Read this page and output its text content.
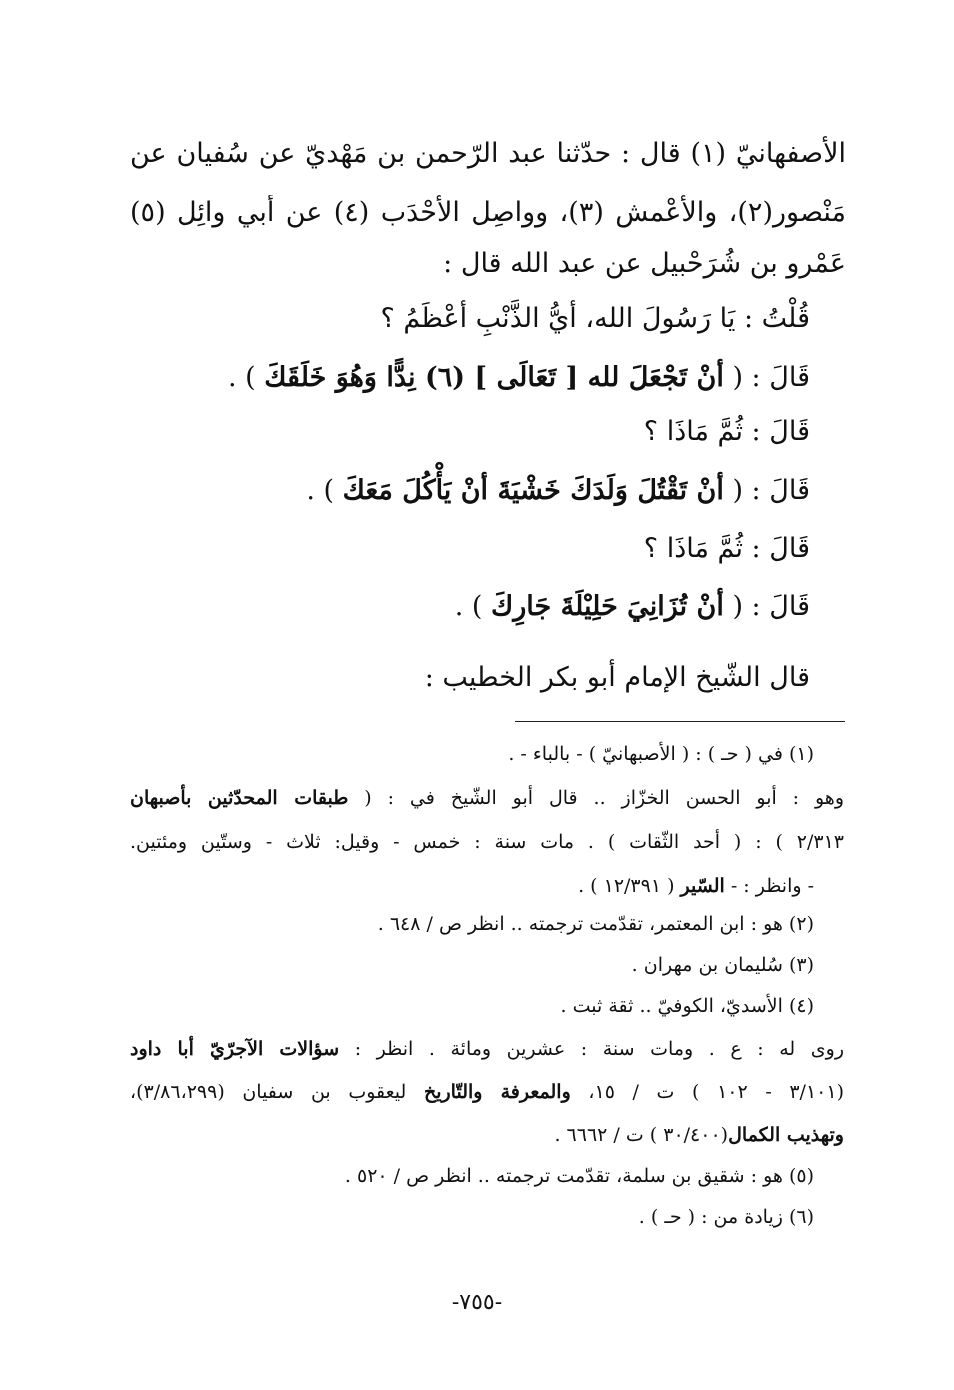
الأصفهانيّ (١) قال : حدّثنا عبد الرّحمن بن مَهْديّ عن سُفيان عن
مَنْصور(٢)، والأعْمش (٣)، وواصِل الأحْدَب (٤) عن أبي وائِل (٥)
عَمْرو بن شُرَحْبيل عن عبد الله قال :
قُلْتُ : يَا رَسُولَ الله، أيُّ الذَّنْبِ أعْظَمُ ؟
قَالَ : ( أنْ تَجْعَلَ لله [ تَعَالَى ] (٦) نِدًّا وَهُوَ خَلَقَكَ ) .
قَالَ : ثُمَّ مَاذَا ؟
قَالَ : ( أنْ تَقْتُلَ وَلَدَكَ خَشْيَةَ أنْ يَأْكُلَ مَعَكَ ) .
قَالَ : ثُمَّ مَاذَا ؟
قَالَ : ( أنْ تُزَانِيَ حَلِيْلَةَ جَارِكَ ) .
قال الشّيخ الإمام أبو بكر الخطيب :
(١) في ( حـ ) : ( الأصبهانيّ ) - بالباء - .
وهو : أبو الحسن الخزّاز .. قال أبو الشّيخ في : ( طبقات المحدّثين بأصبهان
٢/٣١٣ ) : ( أحد الثّقات ) . مات سنة : خمس - وقيل: ثلاث - وستّين ومئتين.
- وانظر : - السّير ( ١٢/٣٩١ ) .
(٢) هو : ابن المعتمر، تقدّمت ترجمته .. انظر ص / ٦٤٨ .
(٣) سُليمان بن مهران .
(٤) الأسديّ، الكوفيّ .. ثقة ثبت .
روى له : ع . ومات سنة : عشرين ومائة . انظر : سؤالات الآجرّيّ أبا داود
(٣/١٠١ - ١٠٢ ) ت / ١٥، والمعرفة والتّاريخ ليعقوب بن سفيان (٣/٨٦،٢٩٩)،
وتهذيب الكمال(٣٠/٤٠٠ ) ت / ٦٦٦٢ .
(٥) هو : شقيق بن سلمة، تقدّمت ترجمته .. انظر ص / ٥٢٠ .
(٦) زيادة من : ( حـ ) .
-٧٥٥-
